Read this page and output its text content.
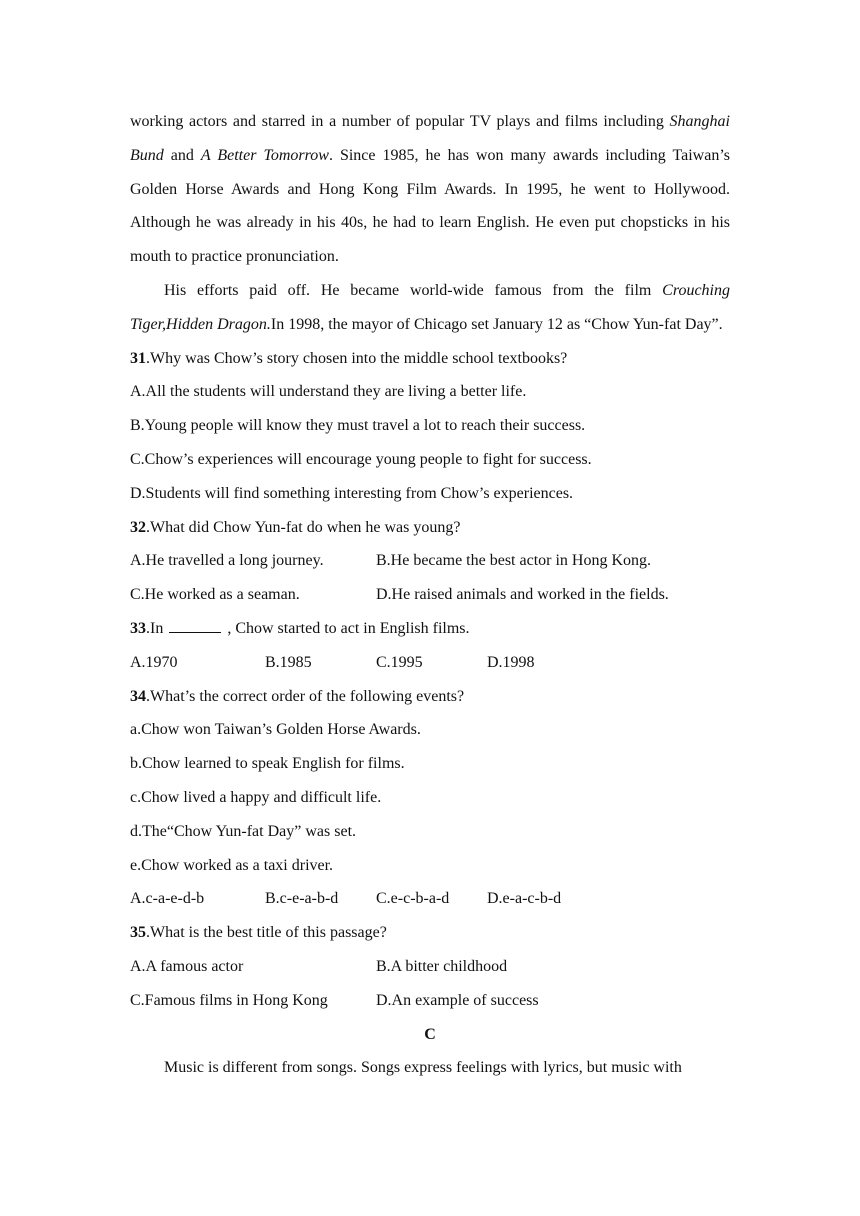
working actors and starred in a number of popular TV plays and films including Shanghai Bund and A Better Tomorrow. Since 1985, he has won many awards including Taiwan’s Golden Horse Awards and Hong Kong Film Awards. In 1995, he went to Hollywood. Although he was already in his 40s, he had to learn English. He even put chopsticks in his mouth to practice pronunciation.

His efforts paid off. He became world-wide famous from the film Crouching Tiger,Hidden Dragon.In 1998, the mayor of Chicago set January 12 as “Chow Yun-fat Day”.

31.Why was Chow’s story chosen into the middle school textbooks?

A.All the students will understand they are living a better life.

B.Young people will know they must travel a lot to reach their success.

C.Chow’s experiences will encourage young people to fight for success.

D.Students will find something interesting from Chow’s experiences.

32.What did Chow Yun-fat do when he was young?

A.He travelled a long journey.	B.He became the best actor in Hong Kong.

C.He worked as a seaman.	D.He raised animals and worked in the fields.

33.In	, Chow started to act in English films.

A.1970	B.1985	C.1995	D.1998

34.What’s the correct order of the following events?

a.Chow won Taiwan’s Golden Horse Awards.

b.Chow learned to speak English for films.

c.Chow lived a happy and difficult life.

d.The“Chow Yun-fat Day” was set.

e.Chow worked as a taxi driver.

A.c-a-e-d-b	B.c-e-a-b-d C.e-c-b-a-d D.e-a-c-b-d

35.What is the best title of this passage?

A.A famous actor	B.A bitter childhood

C.Famous films in Hong Kong	D.An example of success

C

Music is different from songs. Songs express feelings with lyrics, but music with
